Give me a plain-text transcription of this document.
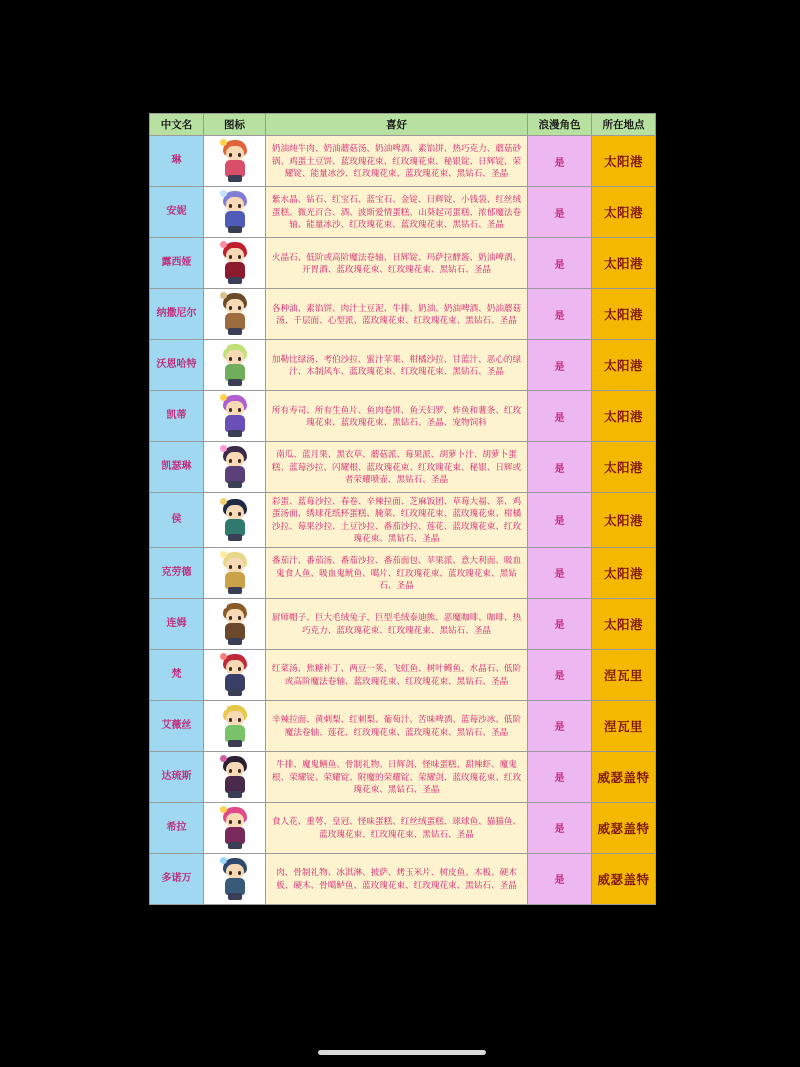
中文名	图标	喜好	浪漫角色	所在地点
琳		奶油炖牛肉、奶油蘑菇汤、奶油啤酒、素馅饼、热巧克力、蘑菇砂锅、鸡蛋土豆饼、蓝玫瑰花束、红玫瑰花束、秘银锭、日辉锭、荣耀锭、能量冰沙、红玫瑰花束、蓝玫瑰花束、黑钻石、圣晶	是	太阳港
安妮		紫水晶、钻石、红宝石、蓝宝石、金锭、日辉锭、小钱袋、红丝绒蛋糕、微光百合、酒、波斯爱情蛋糕、山葵起司蛋糕、浓郁魔法卷轴、能量冰沙、红玫瑰花束、蓝玫瑰花束、黑钻石、圣晶	是	太阳港
露西娅		火晶石、低阶或高阶魔法卷轴、日辉锭、玛萨拉酵酱、奶油啤酒、开胃酒、蓝玫瑰花束、红玫瑰花束、黑钻石、圣晶	是	太阳港
纳撒尼尔		各种油、素馅饼、肉汁土豆泥、牛排、奶油、奶油啤酒、奶油蘑菇汤、千层面、心型派、蓝玫瑰花束、红玫瑰花束、黑钻石、圣晶	是	太阳港
沃恩哈特		加勒比绿汤、考伯沙拉、蜜汁苹果、柑橘沙拉、甘蓝汁、恶心的绿汁、木制风车、蓝玫瑰花束、红玫瑰花束、黑钻石、圣晶	是	太阳港
凯蒂		所有寿司、所有生鱼片、鱼肉卷饼、鱼天妇罗、炸鱼和薯条、红玫瑰花束、蓝玫瑰花束、黑钻石、圣晶、宠物饲料	是	太阳港
凯瑟琳		南瓜、蓝月果、黑衣草、蘑菇派、莓果派、胡萝卜汁、胡萝卜蛋糕、蓝莓沙拉、闪耀根、蓝玫瑰花束、红玫瑰花束、秘银、日辉或者荣耀喷壶、黑钻石、圣晶	是	太阳港
侯		彩蛋、蓝莓沙拉、春卷、辛辣拉面、芝麻饭团、草莓大福、茶、鸡蛋汤面、绣球花纸杯蛋糕、腌菜、红玫瑰花束、蓝玫瑰花束、柑橘沙拉、莓果沙拉、土豆沙拉、番茄沙拉、莲花、蓝玫瑰花束、红玫瑰花束、黑钻石、圣晶	是	太阳港
克劳德		番茄汁、番茄汤、番茄沙拉、番茄面包、苹果派、意大利面、吸血鬼食人鱼、吸血鬼鱿鱼、噶片、红玫瑰花束、蓝玫瑰花束、黑钻石、圣晶	是	太阳港
连姆		厨师帽子、巨大毛绒兔子、巨型毛绒泰迪熊、恶魔咖啡、咖啡、热巧克力、蓝玫瑰花束、红玫瑰花束、黑钻石、圣晶	是	太阳港
梵		红菜汤、焦糖补丁、两豆一荚、飞虹鱼、树叶鳟鱼、水晶石、低阶或高阶魔法卷轴、蓝玫瑰花束、红玫瑰花束、黑钻石、圣晶	是	涅瓦里
艾薇丝		辛辣拉面、黄刺梨、红刺梨、葡萄汁、苦味啤酒、蓝莓沙冰、低阶魔法卷轴、莲花、红玫瑰花束、蓝玫瑰花束、黑钻石、圣晶	是	涅瓦里
达琉斯		牛排、魔鬼鳝鱼、骨制礼物、日辉剑、怪味蛋糕、甜辣虾、魔鬼根、荣耀锭、荣耀锭、附魔的荣耀锭、荣耀剑、蓝玫瑰花束、红玫瑰花束、黑钻石、圣晶	是	威瑟盖特
希拉		食人花、重萼、皇冠、怪味蛋糕、红丝绒蛋糕、球球鱼、猫猫鱼、蓝玫瑰花束、红玫瑰花束、黑钻石、圣晶	是	威瑟盖特
多诺万		肉、骨制礼物、冰淇淋、披萨、烤玉米片、树皮鱼、木板、硬木板、硬木、骨噶鲈鱼、蓝玫瑰花束、红玫瑰花束、黑钻石、圣晶	是	威瑟盖特
